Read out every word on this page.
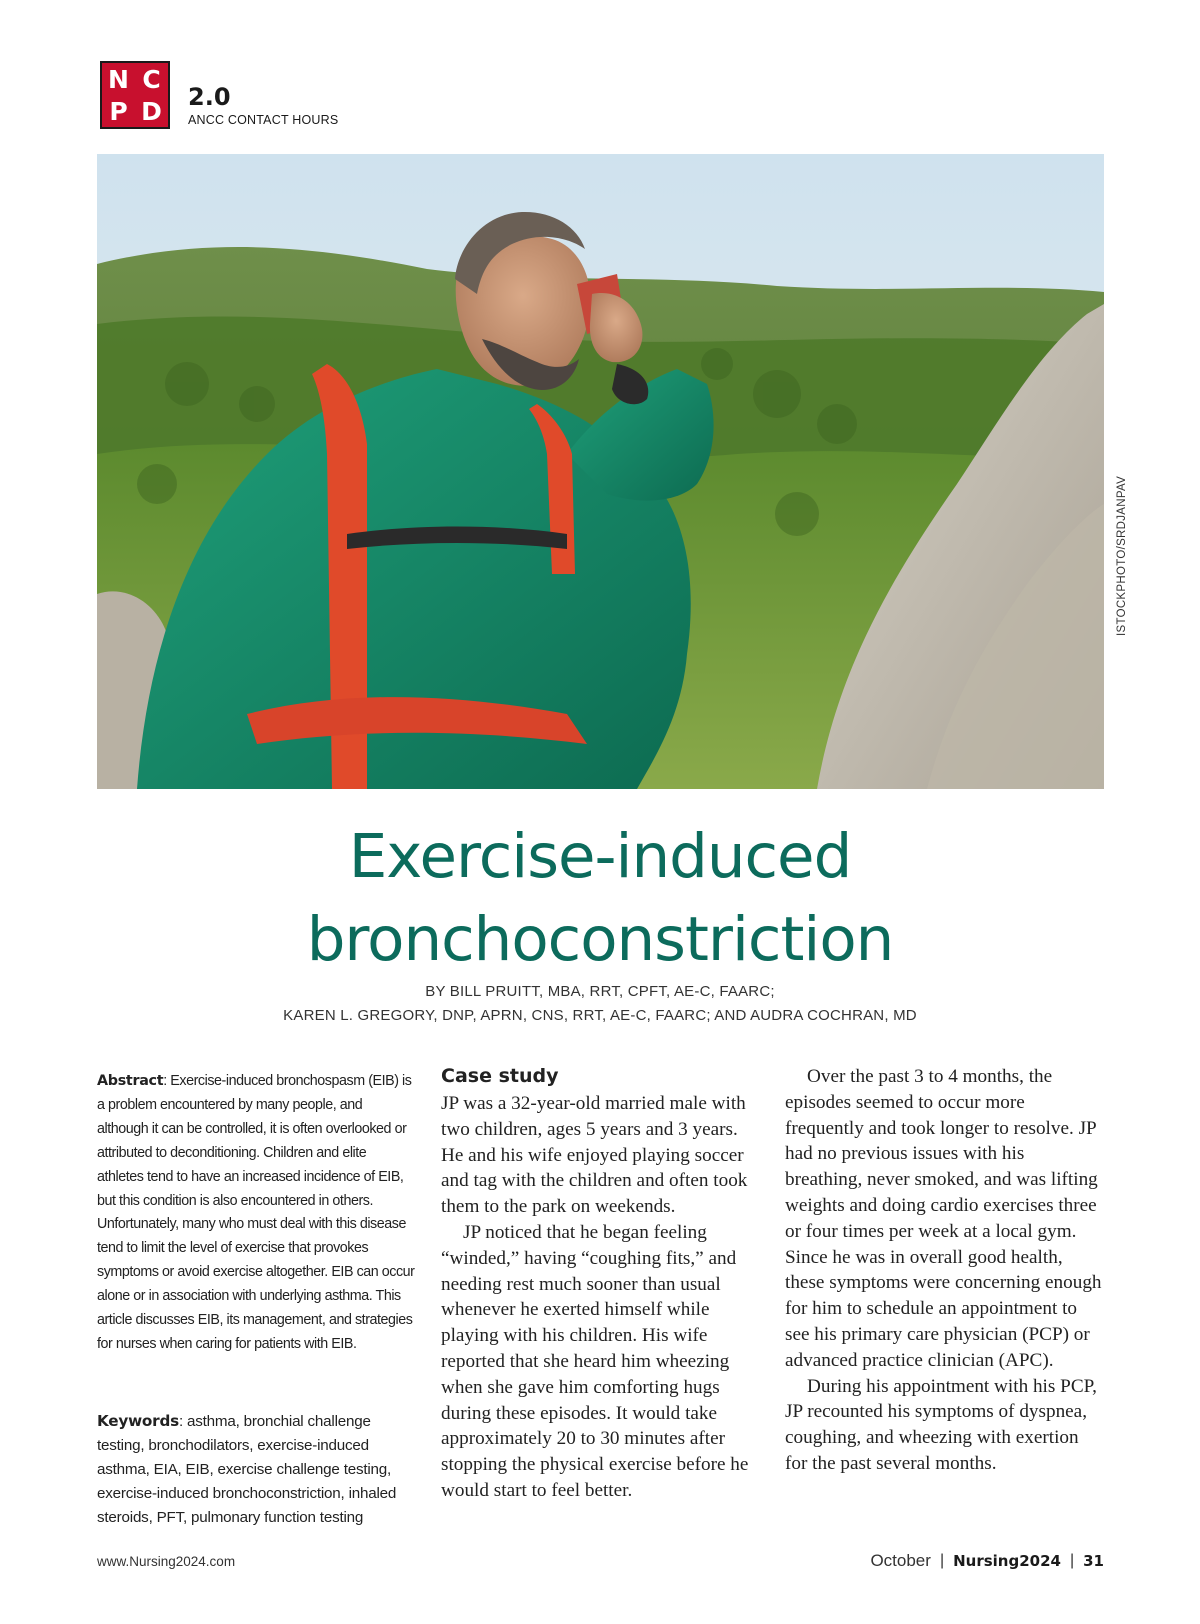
N C
P D 2.0
ANCC CONTACT HOURS
ISTOCKPHOTO/SRDJANPAV
Exercise-induced
bronchoconstriction
BY BILL PRUITT, MBA, RRT, CPFT, AE-C, FAARC;
KAREN L. GREGORY, DNP, APRN, CNS, RRT, AE-C, FAARC; AND AUDRA COCHRAN, MD
Abstract: Exercise-induced bronchospasm (EIB) is a problem encountered by many people, and although it can be controlled, it is often overlooked or attributed to deconditioning. Children and elite athletes tend to have an increased incidence of EIB, but this condition is also encountered in others. Unfortunately, many who must deal with this disease tend to limit the level of exercise that provokes symptoms or avoid exercise altogether. EIB can occur alone or in association with underlying asthma. This article discusses EIB, its management, and strategies for nurses when caring for patients with EIB.
Keywords: asthma, bronchial challenge testing, bronchodilators, exercise-induced asthma, EIA, EIB, exercise challenge testing, exercise-induced bronchoconstriction, inhaled steroids, PFT, pulmonary function testing
Case study

JP was a 32-year-old married male with two children, ages 5 years and 3 years. He and his wife enjoyed playing soccer and tag with the children and often took them to the park on weekends.

JP noticed that he began feeling “winded,” having “coughing fits,” and needing rest much sooner than usual whenever he exerted himself while playing with his children. His wife reported that she heard him wheezing when she gave him comforting hugs during these episodes. It would take approximately 20 to 30 minutes after stopping the physical exercise before he would start to feel better.

Over the past 3 to 4 months, the episodes seemed to occur more frequently and took longer to resolve. JP had no previous issues with his breathing, never smoked, and was lifting weights and doing cardio exercises three or four times per week at a local gym. Since he was in overall good health, these symptoms were concerning enough for him to schedule an appointment to see his primary care physician (PCP) or advanced practice clinician (APC).

During his appointment with his PCP, JP recounted his symptoms of dyspnea, coughing, and wheezing with exertion for the past several months.

www.Nursing2024.com	October | Nursing2024 | 31
